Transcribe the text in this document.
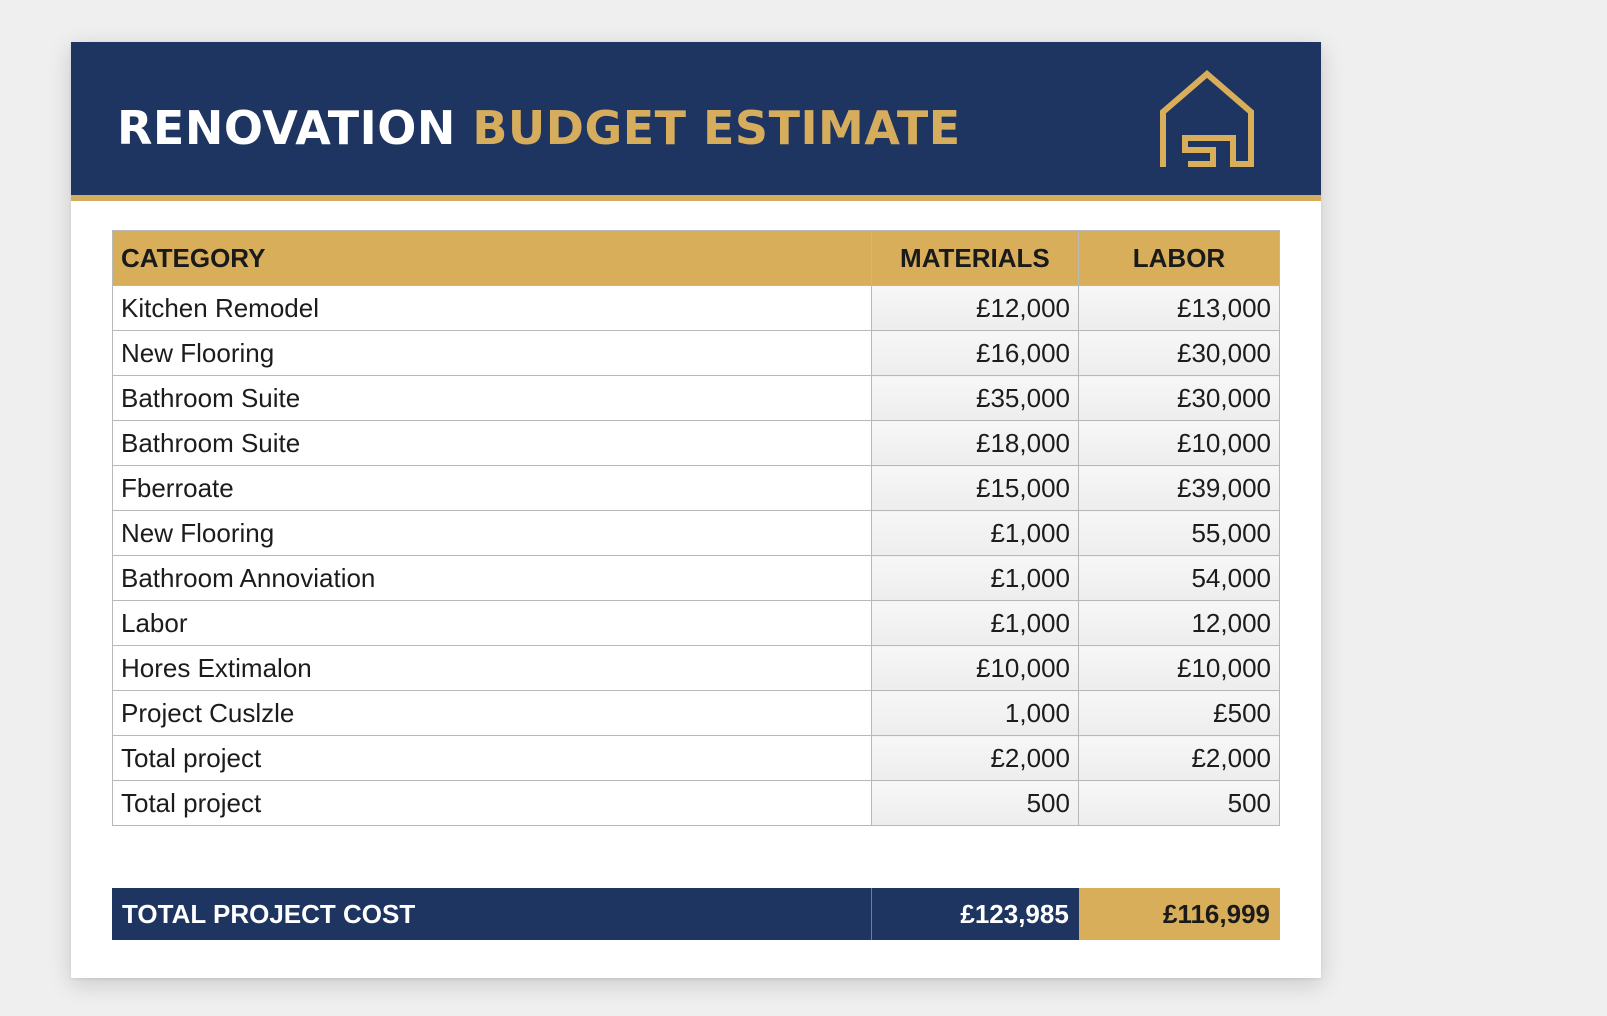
RENOVATION BUDGET ESTIMATE
CATEGORY	MATERIALS	LABOR
Kitchen Remodel	£12,000	£13,000
New Flooring	£16,000	£30,000
Bathroom Suite	£35,000	£30,000
Bathroom Suite	£18,000	£10,000
Fberroate	£15,000	£39,000
New Flooring	£1,000	55,000
Bathroom Annoviation	£1,000	54,000
Labor	£1,000	12,000
Hores Extimalon	£10,000	£10,000
Project Cuslzle	1,000	£500
Total project	£2,000	£2,000
Total project	500	500
TOTAL PROJECT COST	£123,985	£116,999
